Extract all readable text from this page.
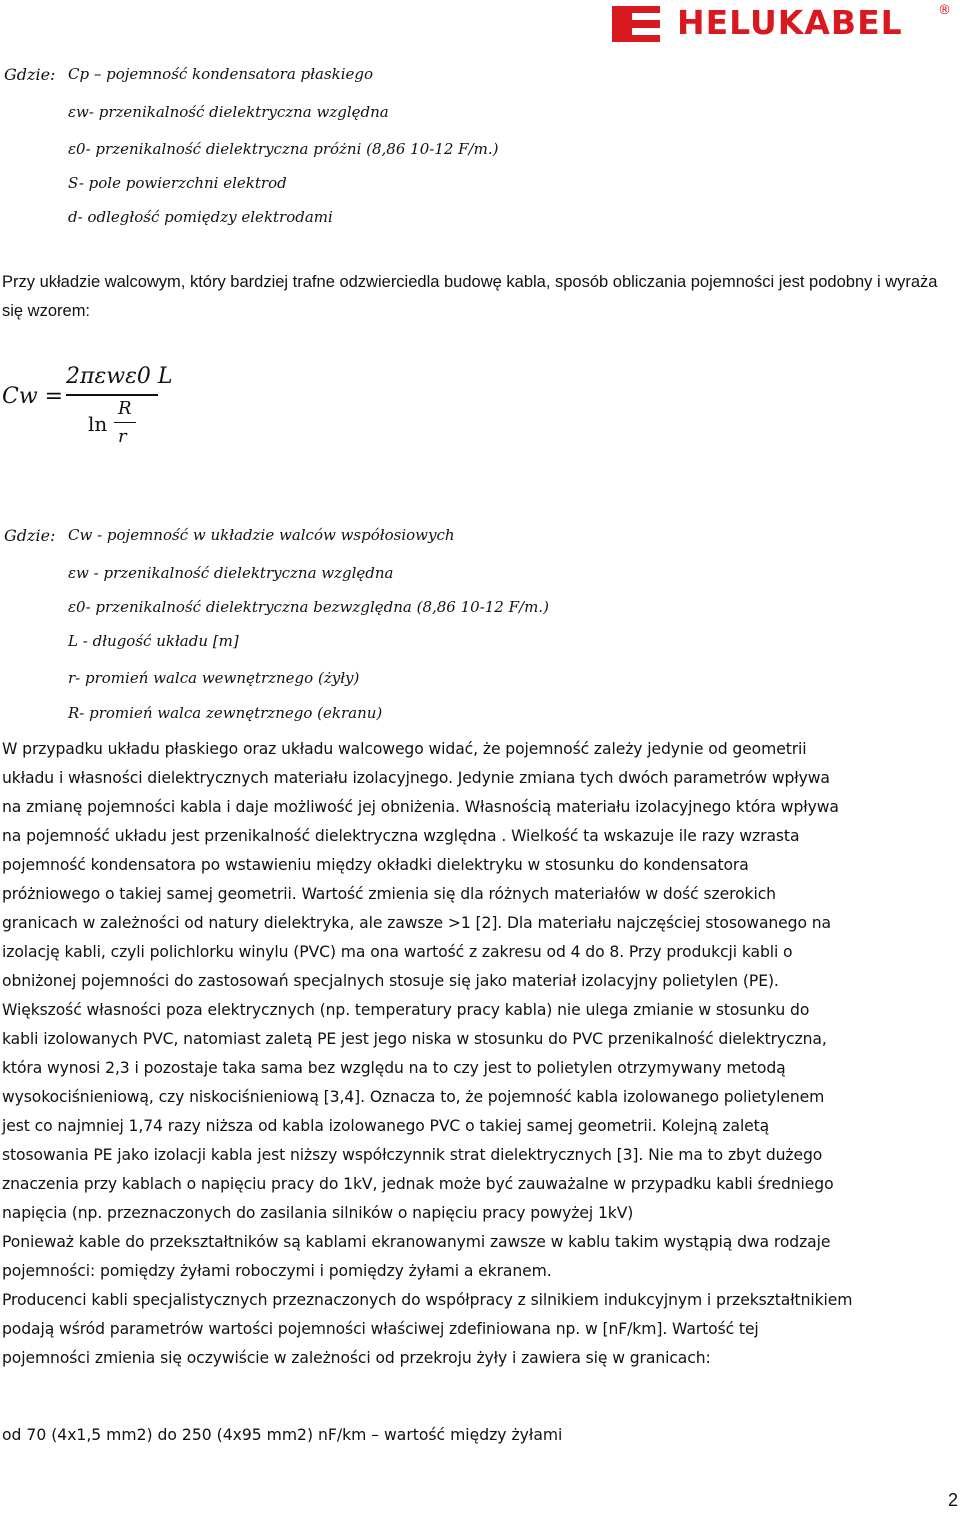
HELUKABEL	®
Gdzie: Cp – pojemność kondensatora płaskiego
εw- przenikalność dielektryczna względna
ε0- przenikalność dielektryczna próżni (8,86 10-12 F/m.)
S- pole powierzchni elektrod
d- odległość pomiędzy elektrodami

Przy układzie walcowym, który bardziej trafne odzwierciedla budowę kabla, sposób obliczania pojemności jest podobny i wyraża się wzorem:

Cw =
2πεwε0 L
ln
R
r
Gdzie: Cw - pojemność w układzie walców współosiowych
εw - przenikalność dielektryczna względna
ε0- przenikalność dielektryczna bezwzględna (8,86 10-12 F/m.)
L - długość układu [m]
r- promień walca wewnętrznego (żyły)
R- promień walca zewnętrznego (ekranu)
W przypadku układu płaskiego oraz układu walcowego widać, że pojemność zależy jedynie od geometrii
układu i własności dielektrycznych materiału izolacyjnego. Jedynie zmiana tych dwóch parametrów wpływa
na zmianę pojemności kabla i daje możliwość jej obniżenia. Własnością materiału izolacyjnego która wpływa
na pojemność układu jest przenikalność dielektryczna względna . Wielkość ta wskazuje ile razy wzrasta
pojemność kondensatora po wstawieniu między okładki dielektryku w stosunku do kondensatora
próżniowego o takiej samej geometrii. Wartość zmienia się dla różnych materiałów w dość szerokich
granicach w zależności od natury dielektryka, ale zawsze >1 [2]. Dla materiału najczęściej stosowanego na
izolację kabli, czyli polichlorku winylu (PVC) ma ona wartość z zakresu od 4 do 8. Przy produkcji kabli o
obniżonej pojemności do zastosowań specjalnych stosuje się jako materiał izolacyjny polietylen (PE).
Większość własności poza elektrycznych (np. temperatury pracy kabla) nie ulega zmianie w stosunku do
kabli izolowanych PVC, natomiast zaletą PE jest jego niska w stosunku do PVC przenikalność dielektryczna,
która wynosi 2,3 i pozostaje taka sama bez względu na to czy jest to polietylen otrzymywany metodą
wysokociśnieniową, czy niskociśnieniową [3,4]. Oznacza to, że pojemność kabla izolowanego polietylenem
jest co najmniej 1,74 razy niższa od kabla izolowanego PVC o takiej samej geometrii. Kolejną zaletą
stosowania PE jako izolacji kabla jest niższy współczynnik strat dielektrycznych [3]. Nie ma to zbyt dużego
znaczenia przy kablach o napięciu pracy do 1kV, jednak może być zauważalne w przypadku kabli średniego
napięcia (np. przeznaczonych do zasilania silników o napięciu pracy powyżej 1kV)
Ponieważ kable do przekształtników są kablami ekranowanymi zawsze w kablu takim wystąpią dwa rodzaje
pojemności: pomiędzy żyłami roboczymi i pomiędzy żyłami a ekranem.
Producenci kabli specjalistycznych przeznaczonych do współpracy z silnikiem indukcyjnym i przekształtnikiem
podają wśród parametrów wartości pojemności właściwej zdefiniowana np. w [nF/km]. Wartość tej
pojemności zmienia się oczywiście w zależności od przekroju żyły i zawiera się w granicach:
od 70 (4x1,5 mm2) do 250 (4x95 mm2) nF/km – wartość między żyłami
2
